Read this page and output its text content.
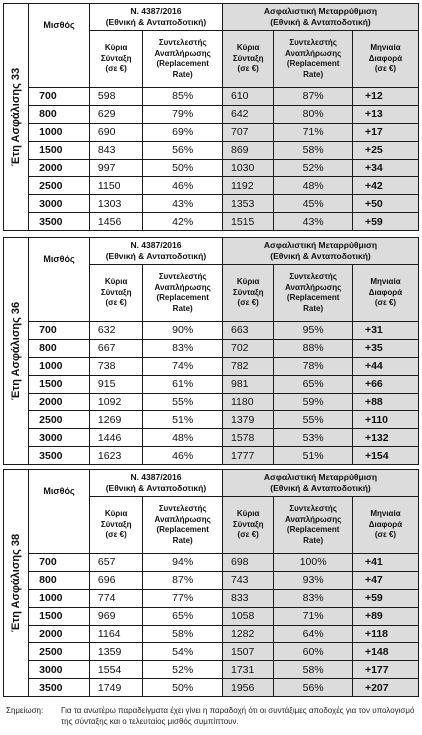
Έτη Ασφάλισης 33	Μισθός	Ν. 4387/2016
(Εθνική & Ανταποδοτική)		Ασφαλιστική Μεταρρύθμιση
(Εθνική & Ανταποδοτική)		
		Κύρια
Σύνταξη
(σε €)	Συντελεστής
Αναπλήρωσης
(Replacement
Rate)	Κύρια
Σύνταξη
(σε €)	Συντελεστής
Αναπλήρωσης
(Replacement
Rate)	Μηνιαία
Διαφορά
(σε €)
	700	598	85%	610	87%	+12
	800	629	79%	642	80%	+13
	1000	690	69%	707	71%	+17
	1500	843	56%	869	58%	+25
	2000	997	50%	1030	52%	+34
	2500	1150	46%	1192	48%	+42
	3000	1303	43%	1353	45%	+50
	3500	1456	42%	1515	43%	+59
Έτη Ασφάλισης 36	Μισθός	Ν. 4387/2016
(Εθνική & Ανταποδοτική)		Ασφαλιστική Μεταρρύθμιση
(Εθνική & Ανταποδοτική)		
		Κύρια
Σύνταξη
(σε €)	Συντελεστής
Αναπλήρωσης
(Replacement
Rate)	Κύρια
Σύνταξη
(σε €)	Συντελεστής
Αναπλήρωσης
(Replacement
Rate)	Μηνιαία
Διαφορά
(σε €)
	700	632	90%	663	95%	+31
	800	667	83%	702	88%	+35
	1000	738	74%	782	78%	+44
	1500	915	61%	981	65%	+66
	2000	1092	55%	1180	59%	+88
	2500	1269	51%	1379	55%	+110
	3000	1446	48%	1578	53%	+132
	3500	1623	46%	1777	51%	+154
Έτη Ασφάλισης 38	Μισθός	Ν. 4387/2016
(Εθνική & Ανταποδοτική)		Ασφαλιστική Μεταρρύθμιση
(Εθνική & Ανταποδοτική)		
		Κύρια
Σύνταξη
(σε €)	Συντελεστής
Αναπλήρωσης
(Replacement
Rate)	Κύρια
Σύνταξη
(σε €)	Συντελεστής
Αναπλήρωσης
(Replacement
Rate)	Μηνιαία
Διαφορά
(σε €)
	700	657	94%	698	100%	+41
	800	696	87%	743	93%	+47
	1000	774	77%	833	83%	+59
	1500	969	65%	1058	71%	+89
	2000	1164	58%	1282	64%	+118
	2500	1359	54%	1507	60%	+148
	3000	1554	52%	1731	58%	+177
	3500	1749	50%	1956	56%	+207
Σημείωση: Για τα ανωτέρω παραδείγματα έχει γίνει η παραδοχή ότι οι συντάξιμες αποδοχές για τον υπολογισμό της σύνταξης και ο τελευταίος μισθός συμπίπτουν.
